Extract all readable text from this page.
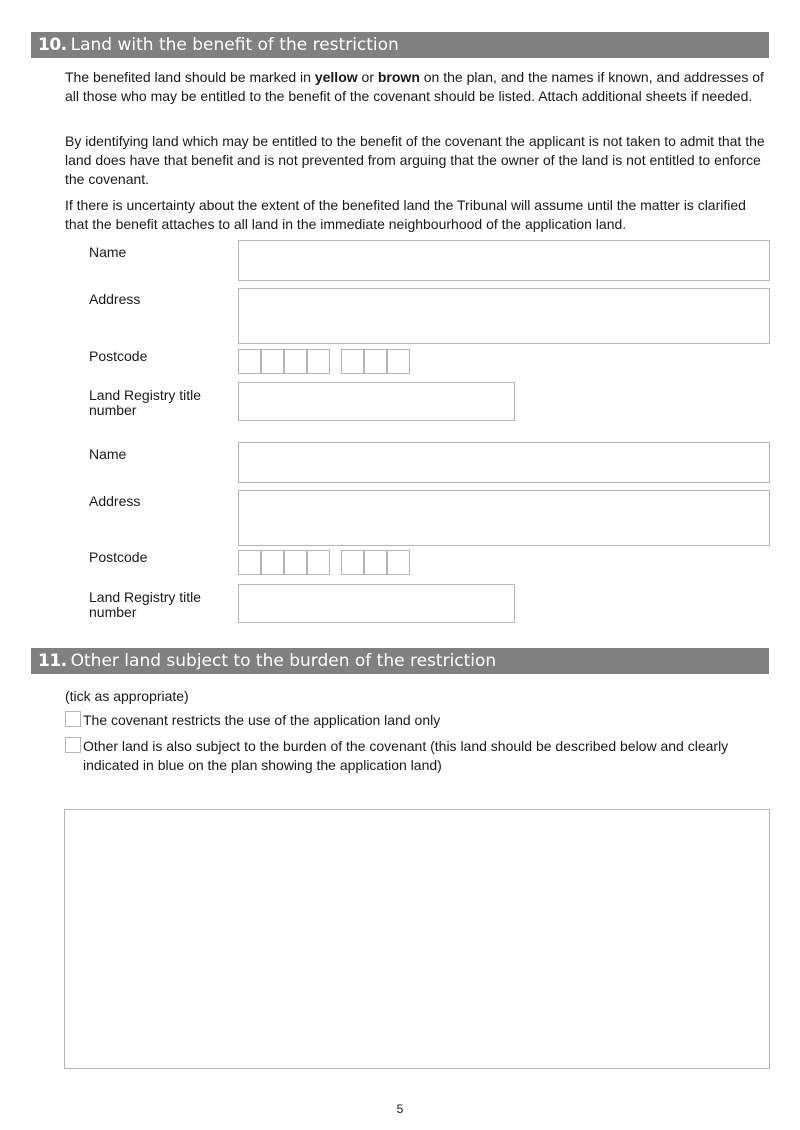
10. Land with the benefit of the restriction

The benefited land should be marked in yellow or brown on the plan, and the names if known, and addresses of all those who may be entitled to the benefit of the covenant should be listed. Attach additional sheets if needed.

By identifying land which may be entitled to the benefit of the covenant the applicant is not taken to admit that the land does have that benefit and is not prevented from arguing that the owner of the land is not entitled to enforce the covenant.

If there is uncertainty about the extent of the benefited land the Tribunal will assume until the matter is clarified that the benefit attaches to all land in the immediate neighbourhood of the application land.

Name
Address
Postcode
Land Registry title number
Name
Address
Postcode
Land Registry title number
11. Other land subject to the burden of the restriction

(tick as appropriate)

The covenant restricts the use of the application land only
Other land is also subject to the burden of the covenant (this land should be described below and clearly indicated in blue on the plan showing the application land)
5
